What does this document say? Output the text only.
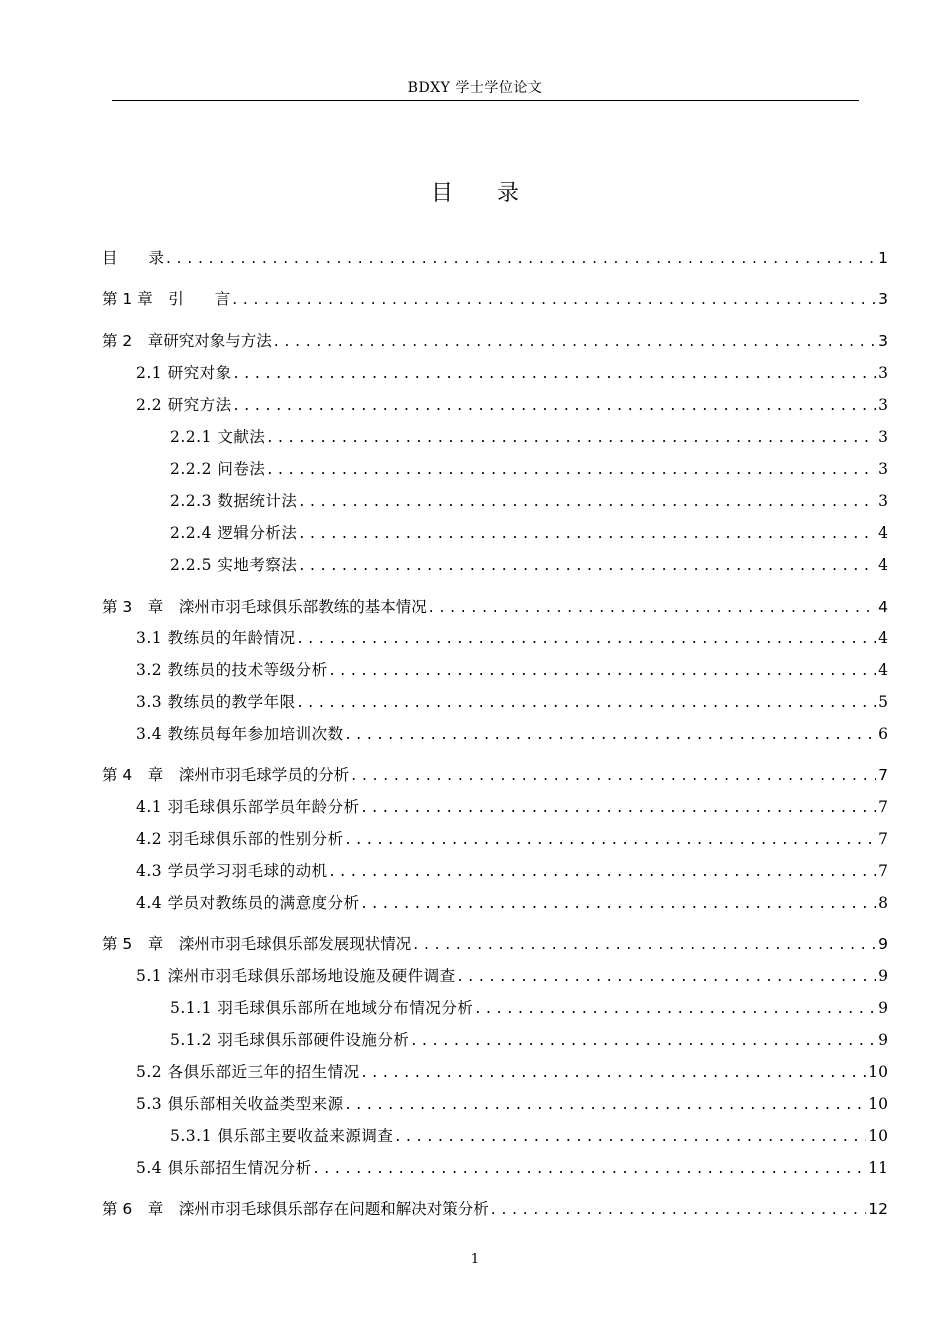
BDXY 学士学位论文
目录
目　　录 . . .	1
第 1 章　引　　言 . . .	3
第 2　章研究对象与方法 . . .	3
2.1 研究对象 . . .	3
2.2 研究方法 . . .	3
2.2.1 文献法 . . .	3
2.2.2 问卷法 . . .	3
2.2.3 数据统计法 . . .	3
2.2.4 逻辑分析法 . . .	4
2.2.5 实地考察法 . . .	4
第 3　章　滦州市羽毛球俱乐部教练的基本情况 . . .	4
3.1 教练员的年龄情况 . . .	4
3.2 教练员的技术等级分析 . . .	4
3.3 教练员的教学年限 . . .	5
3.4 教练员每年参加培训次数 . . .	6
第 4　章　滦州市羽毛球学员的分析 . . .	7
4.1 羽毛球俱乐部学员年龄分析 . . .	7
4.2 羽毛球俱乐部的性别分析 . . .	7
4.3 学员学习羽毛球的动机 . . .	7
4.4 学员对教练员的满意度分析 . . .	8
第 5　章　滦州市羽毛球俱乐部发展现状情况 . . .	9
5.1 滦州市羽毛球俱乐部场地设施及硬件调查 . . .	9
5.1.1 羽毛球俱乐部所在地域分布情况分析 . . .	9
5.1.2 羽毛球俱乐部硬件设施分析 . . .	9
5.2 各俱乐部近三年的招生情况 . . .	10
5.3 俱乐部相关收益类型来源 . . .	10
5.3.1 俱乐部主要收益来源调查 . . .	10
5.4 俱乐部招生情况分析 . . .	11
第 6　章　滦州市羽毛球俱乐部存在问题和解决对策分析 . . .	12
1
